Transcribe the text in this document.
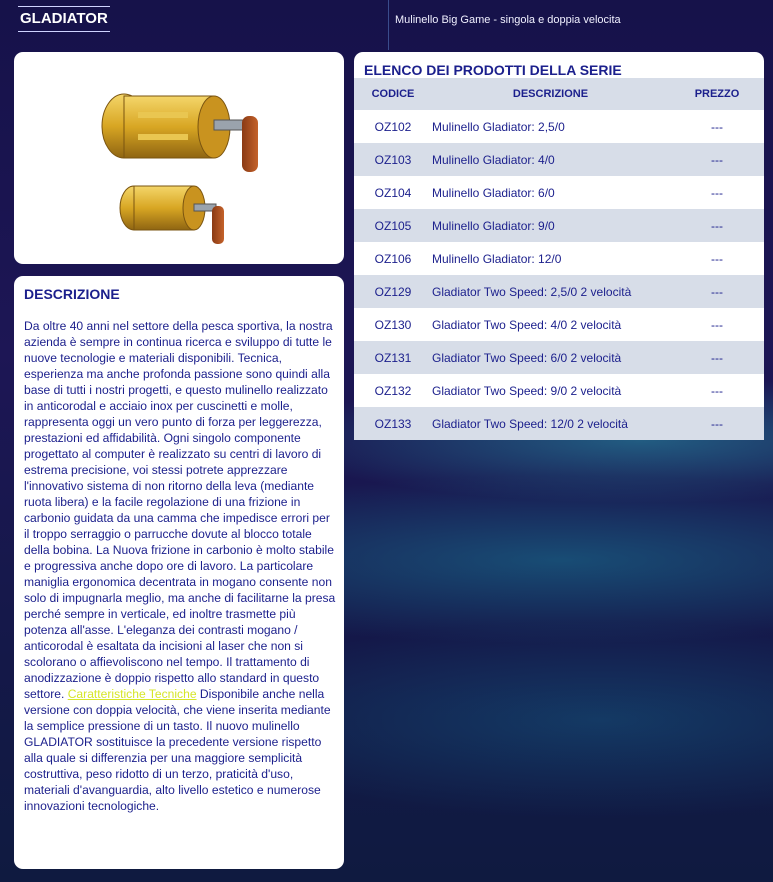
GLADIATOR	Mulinello Big Game - singola e doppia velocita
DESCRIZIONE
Da oltre 40 anni nel settore della pesca sportiva, la nostra azienda è sempre in continua ricerca e sviluppo di tutte le nuove tecnologie e materiali disponibili. Tecnica, esperienza ma anche profonda passione sono quindi alla base di tutti i nostri progetti, e questo mulinello realizzato in anticorodal e acciaio inox per cuscinetti e molle, rappresenta oggi un vero punto di forza per leggerezza, prestazioni ed affidabilità. Ogni singolo componente progettato al computer è realizzato su centri di lavoro di estrema precisione, voi stessi potrete apprezzare l'innovativo sistema di non ritorno della leva (mediante ruota libera) e la facile regolazione di una frizione in carbonio guidata da una camma che impedisce errori per il troppo serraggio o parrucche dovute al blocco totale della bobina. La Nuova frizione in carbonio è molto stabile e progressiva anche dopo ore di lavoro. La particolare maniglia ergonomica decentrata in mogano consente non solo di impugnarla meglio, ma anche di facilitarne la presa perché sempre in verticale, ed inoltre trasmette più potenza all'asse. L'eleganza dei contrasti mogano / anticorodal è esaltata da incisioni al laser che non si scolorano o affievoliscono nel tempo. Il trattamento di anodizzazione è doppio rispetto allo standard in questo settore. Caratteristiche Tecniche Disponibile anche nella versione con doppia velocità, che viene inserita mediante la semplice pressione di un tasto. Il nuovo mulinello GLADIATOR sostituisce la precedente versione rispetto alla quale si differenzia per una maggiore semplicità costruttiva, peso ridotto di un terzo, praticità d'uso, materiali d'avanguardia, alto livello estetico e numerose innovazioni tecnologiche.
ELENCO DEI PRODOTTI DELLA SERIE
CODICE	DESCRIZIONE	PREZZO
OZ102	Mulinello Gladiator: 2,5/0	---
OZ103	Mulinello Gladiator: 4/0	---
OZ104	Mulinello Gladiator: 6/0	---
OZ105	Mulinello Gladiator: 9/0	---
OZ106	Mulinello Gladiator: 12/0	---
OZ129	Gladiator Two Speed: 2,5/0 2 velocità	---
OZ130	Gladiator Two Speed: 4/0 2 velocità	---
OZ131	Gladiator Two Speed: 6/0 2 velocità	---
OZ132	Gladiator Two Speed: 9/0 2 velocità	---
OZ133	Gladiator Two Speed: 12/0 2 velocità	---
